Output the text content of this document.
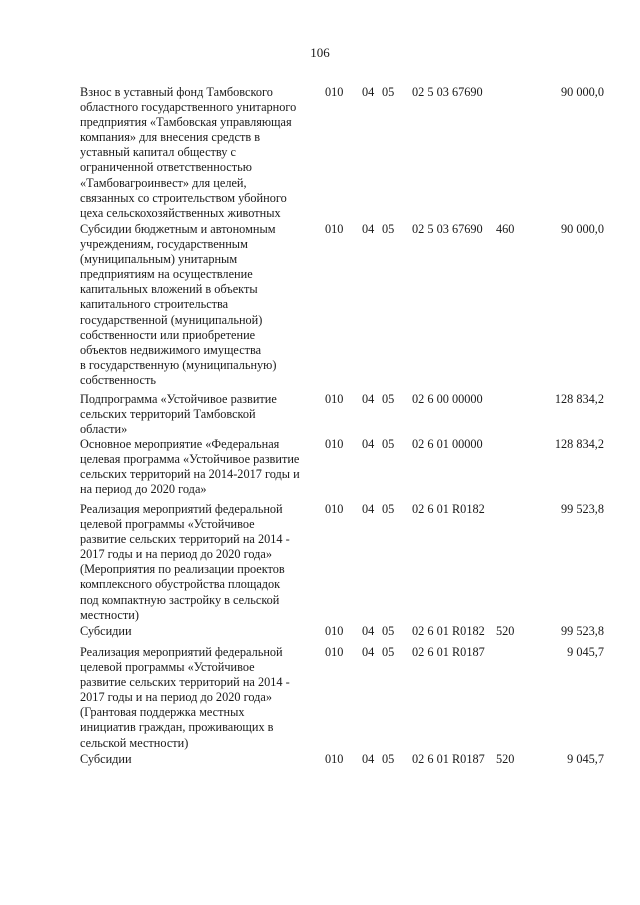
106
Взнос в уставный фонд Тамбовского
областного государственного унитарного
предприятия «Тамбовская управляющая
компания» для внесения средств в
уставный капитал обществу с
ограниченной ответственностью
«Тамбовагроинвест» для целей,
связанных со строительством убойного
цеха сельскохозяйственных животных
010 04 05 02 5 03 67690	90 000,0
Субсидии бюджетным и автономным
учреждениям, государственным
(муниципальным) унитарным
предприятиям на осуществление
капитальных вложений в объекты
капитального строительства
государственной (муниципальной)
собственности или приобретение
объектов недвижимого имущества
в государственную (муниципальную)
собственность
010 04 05 02 5 03 67690 460	90 000,0
Подпрограмма «Устойчивое развитие
сельских территорий Тамбовской
области»
010 04 05 02 6 00 00000	128 834,2
Основное мероприятие «Федеральная
целевая программа «Устойчивое развитие
сельских территорий на 2014-2017 годы и
на период до 2020 года»
010 04 05 02 6 01 00000	128 834,2
Реализация мероприятий федеральной
целевой программы «Устойчивое
развитие сельских территорий на 2014 -
2017 годы и на период до 2020 года»
(Мероприятия по реализации проектов
комплексного обустройства площадок
под компактную застройку в сельской
местности)
010 04 05 02 6 01 R0182	99 523,8
Субсидии	010 04 05 02 6 01 R0182 520	99 523,8
Реализация мероприятий федеральной
целевой программы «Устойчивое
развитие сельских территорий на 2014 -
2017 годы и на период до 2020 года»
(Грантовая поддержка местных
инициатив граждан, проживающих в
сельской местности)
010 04 05 02 6 01 R0187	9 045,7
Субсидии	010 04 05 02 6 01 R0187 520	9 045,7
